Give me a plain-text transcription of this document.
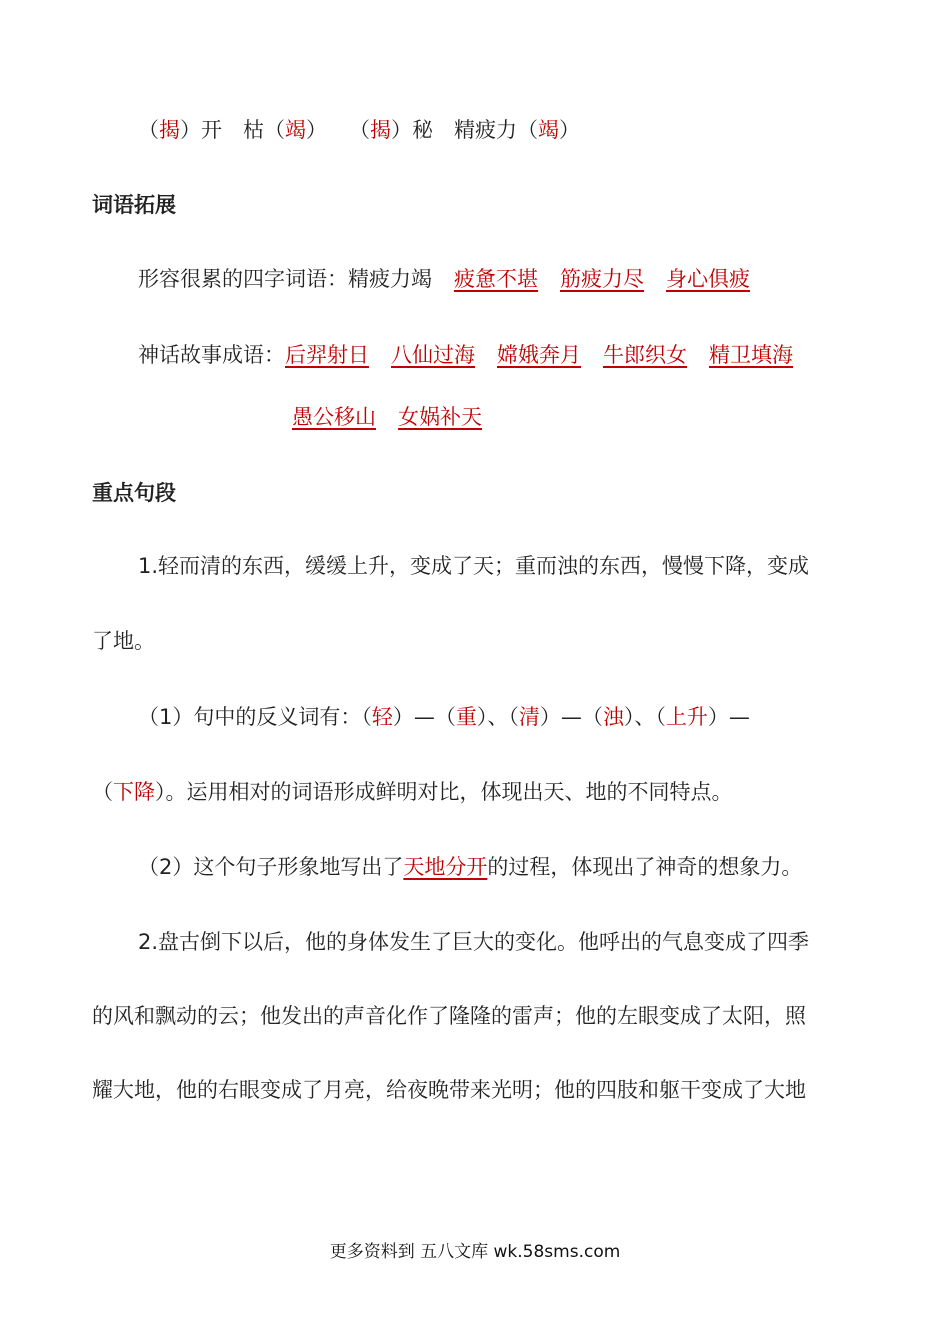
（揭）开　枯（竭） （揭）秘　精疲力（竭）
词语拓展
形容很累的四字词语：精疲力竭 疲惫不堪 筋疲力尽 身心俱疲
神话故事成语：后羿射日 八仙过海 嫦娥奔月 牛郎织女 精卫填海
愚公移山 女娲补天
重点句段
1.轻而清的东西，缓缓上升，变成了天；重而浊的东西，慢慢下降，变成
了地。
（1）句中的反义词有：（轻）—（重）、（清）—（浊）、（上升）—
（下降）。运用相对的词语形成鲜明对比，体现出天、地的不同特点。
（2）这个句子形象地写出了天地分开的过程，体现出了神奇的想象力。
2.盘古倒下以后，他的身体发生了巨大的变化。他呼出的气息变成了四季
的风和飘动的云；他发出的声音化作了隆隆的雷声；他的左眼变成了太阳，照
耀大地，他的右眼变成了月亮，给夜晚带来光明；他的四肢和躯干变成了大地
更多资料到 五八文库 wk.58sms.com
